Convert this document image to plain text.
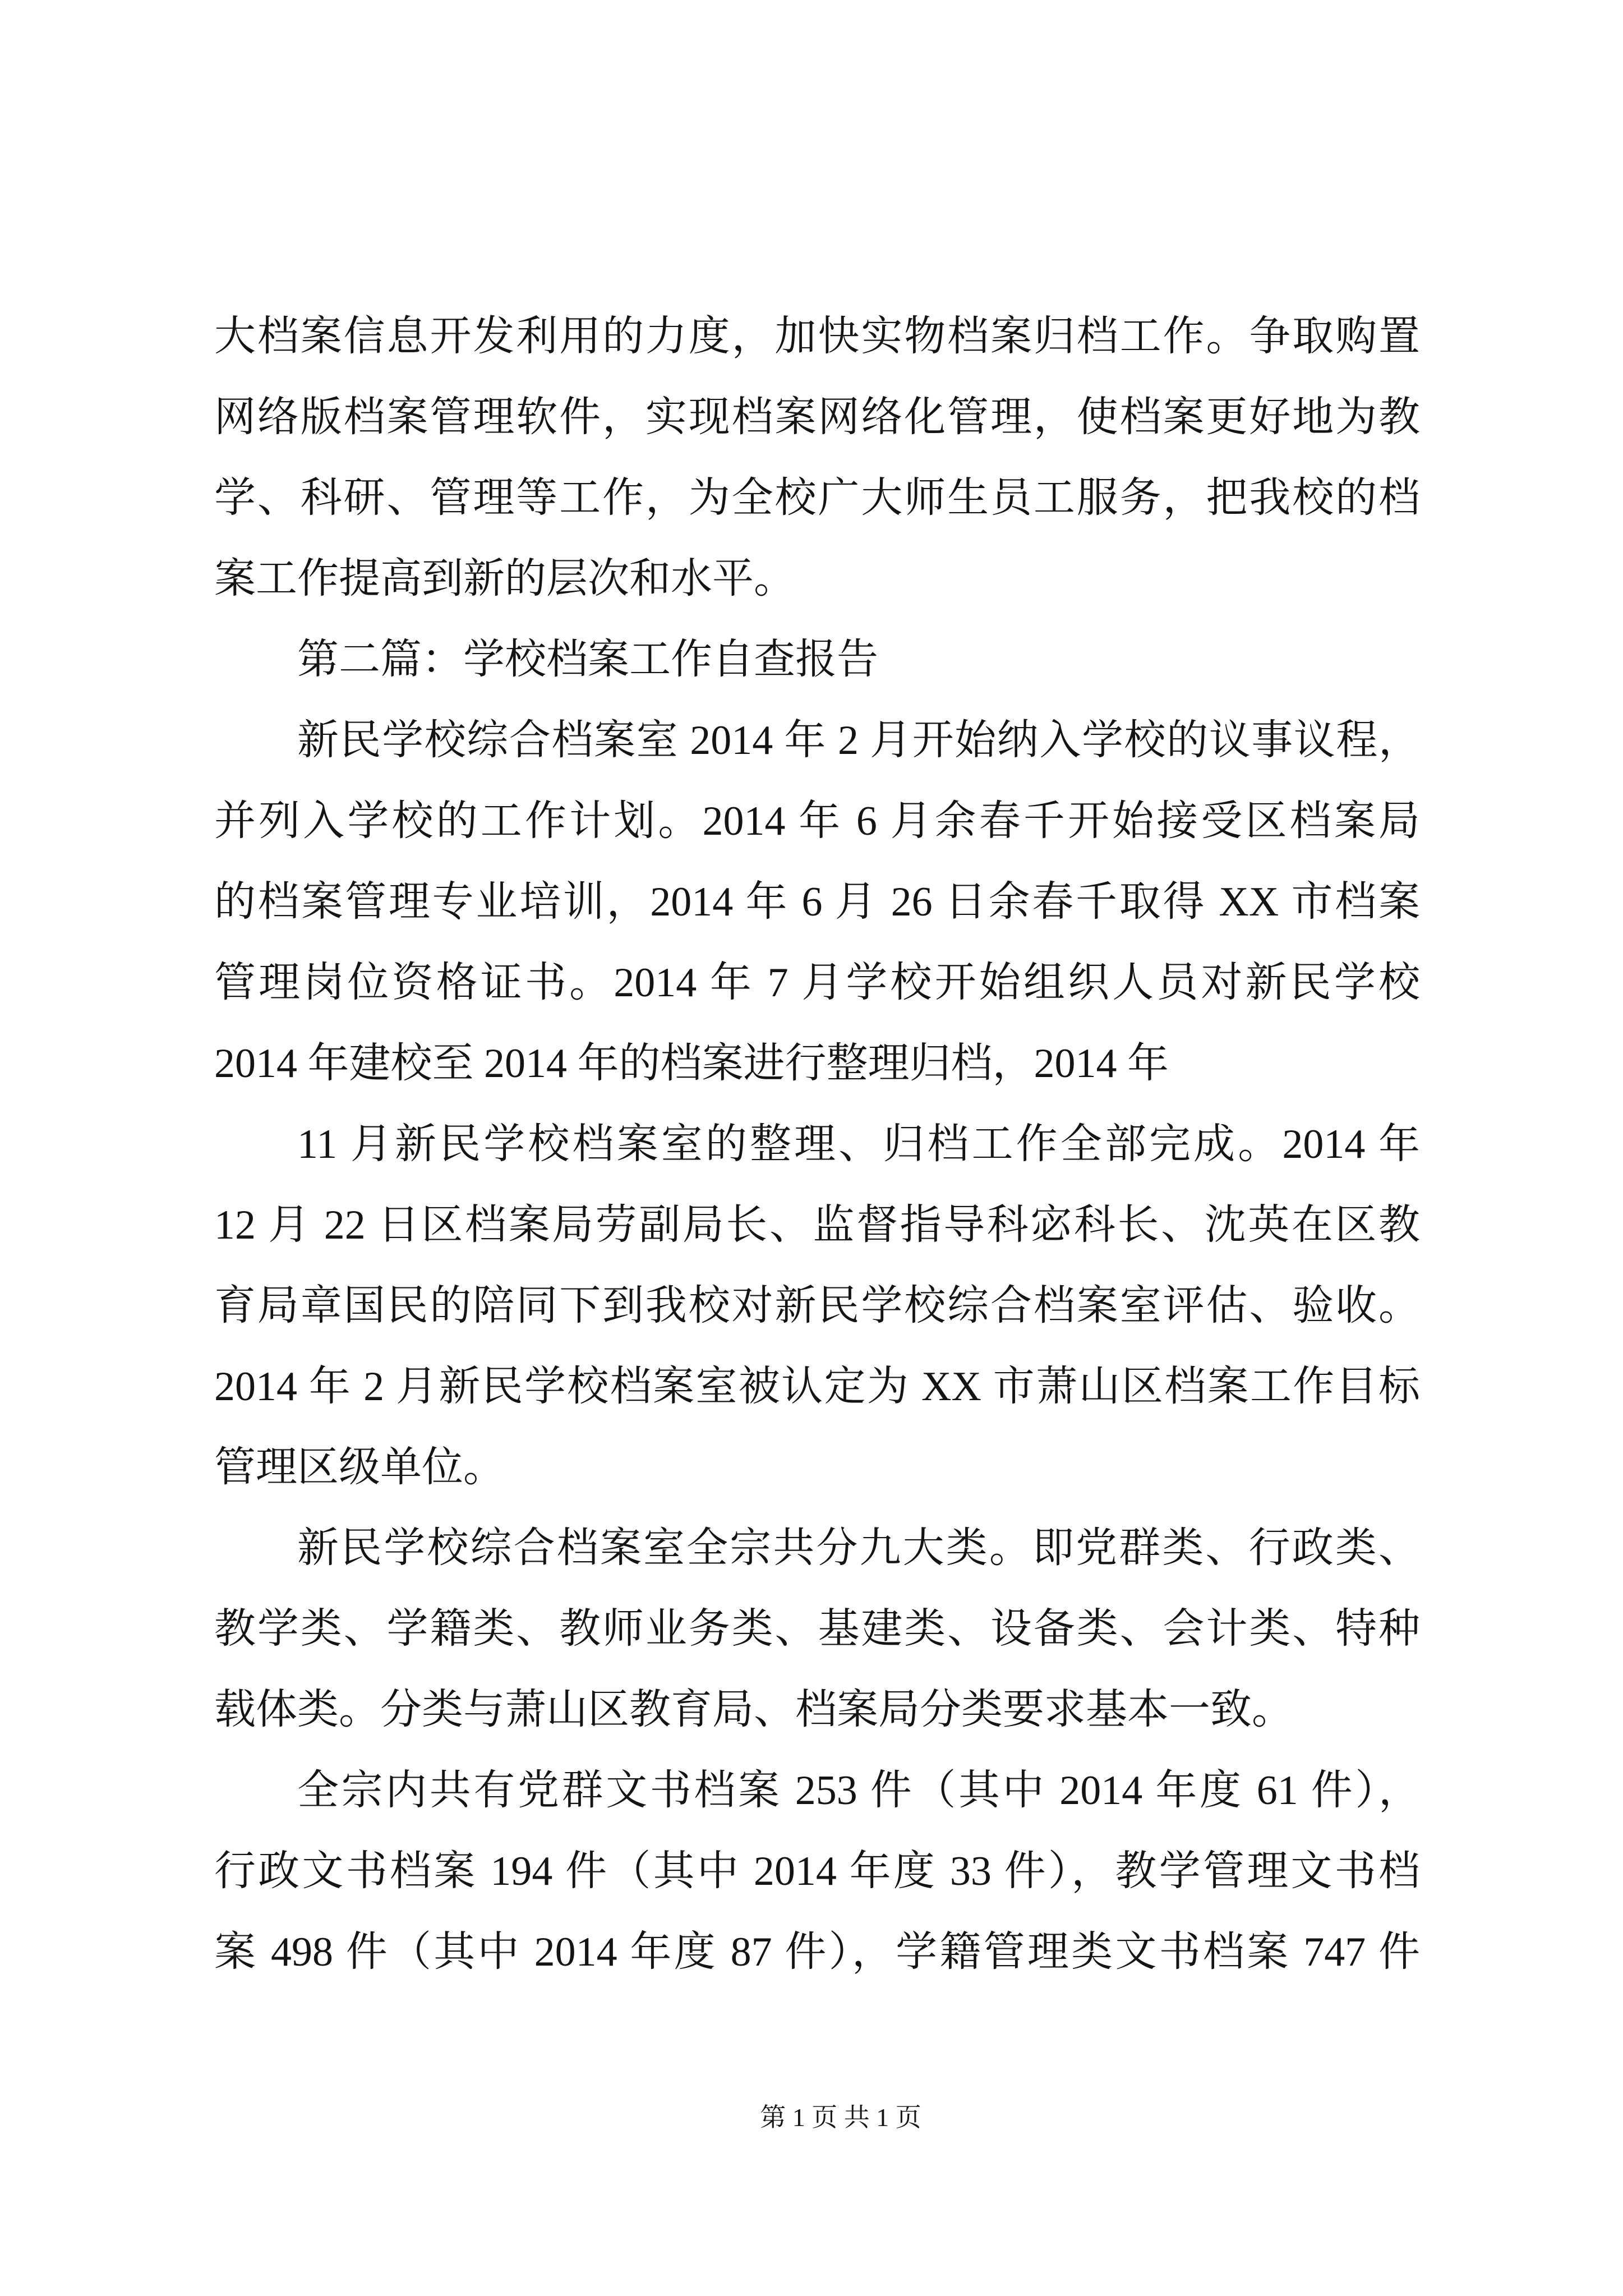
大档案信息开发利用的力度，加快实物档案归档工作。争取购置
网络版档案管理软件，实现档案网络化管理，使档案更好地为教
学、科研、管理等工作，为全校广大师生员工服务，把我校的档
案工作提高到新的层次和水平。
第二篇：学校档案工作自查报告
新民学校综合档案室 2014 年 2 月开始纳入学校的议事议程，
并列入学校的工作计划。2014 年 6 月余春千开始接受区档案局
的档案管理专业培训，2014 年 6 月 26 日余春千取得 XX 市档案
管理岗位资格证书。2014 年 7 月学校开始组织人员对新民学校
2014 年建校至 2014 年的档案进行整理归档，2014 年
11 月新民学校档案室的整理、归档工作全部完成。2014 年
12 月 22 日区档案局劳副局长、监督指导科宓科长、沈英在区教
育局章国民的陪同下到我校对新民学校综合档案室评估、验收。
2014 年 2 月新民学校档案室被认定为 XX 市萧山区档案工作目标
管理区级单位。
新民学校综合档案室全宗共分九大类。即党群类、行政类、
教学类、学籍类、教师业务类、基建类、设备类、会计类、特种
载体类。分类与萧山区教育局、档案局分类要求基本一致。
全宗内共有党群文书档案 253 件（其中 2014 年度 61 件），
行政文书档案 194 件（其中 2014 年度 33 件），教学管理文书档
案 498 件（其中 2014 年度 87 件），学籍管理类文书档案 747 件
第 1 页 共 1 页
